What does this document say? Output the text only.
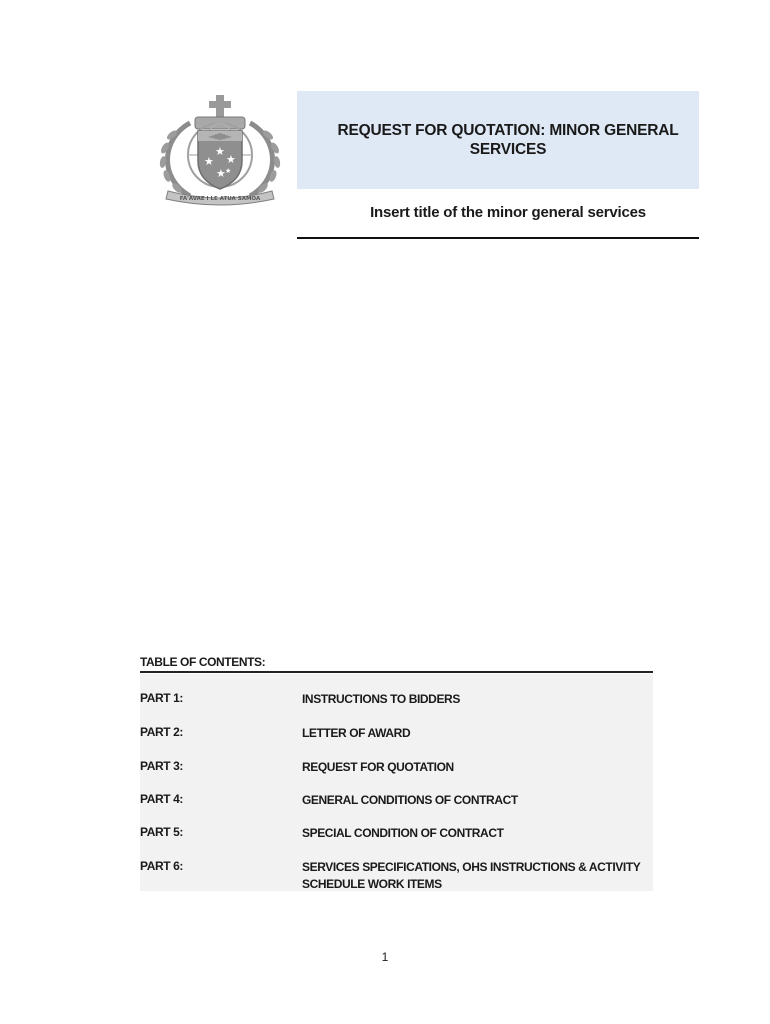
★
★
★
★ ★
FA'AVAE I LE ATUA SAMOA
REQUEST FOR QUOTATION: MINOR GENERAL SERVICES
Insert title of the minor general services
TABLE OF CONTENTS:
PART 1:	INSTRUCTIONS TO BIDDERS
PART 2:	LETTER OF AWARD
PART 3:	REQUEST FOR QUOTATION
PART 4:	GENERAL CONDITIONS OF CONTRACT
PART 5:	SPECIAL CONDITION OF CONTRACT
PART 6:	SERVICES SPECIFICATIONS, OHS INSTRUCTIONS & ACTIVITY SCHEDULE WORK ITEMS
1
